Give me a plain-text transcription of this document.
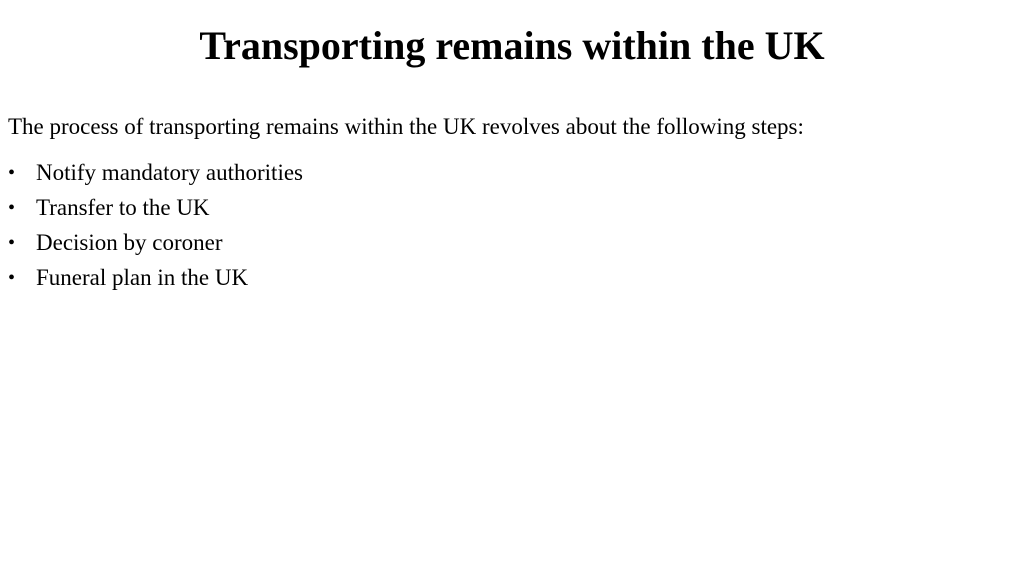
Transporting remains within the UK

The process of transporting remains within the UK revolves about the following steps:

• Notify mandatory authorities
• Transfer to the UK
• Decision by coroner
• Funeral plan in the UK
